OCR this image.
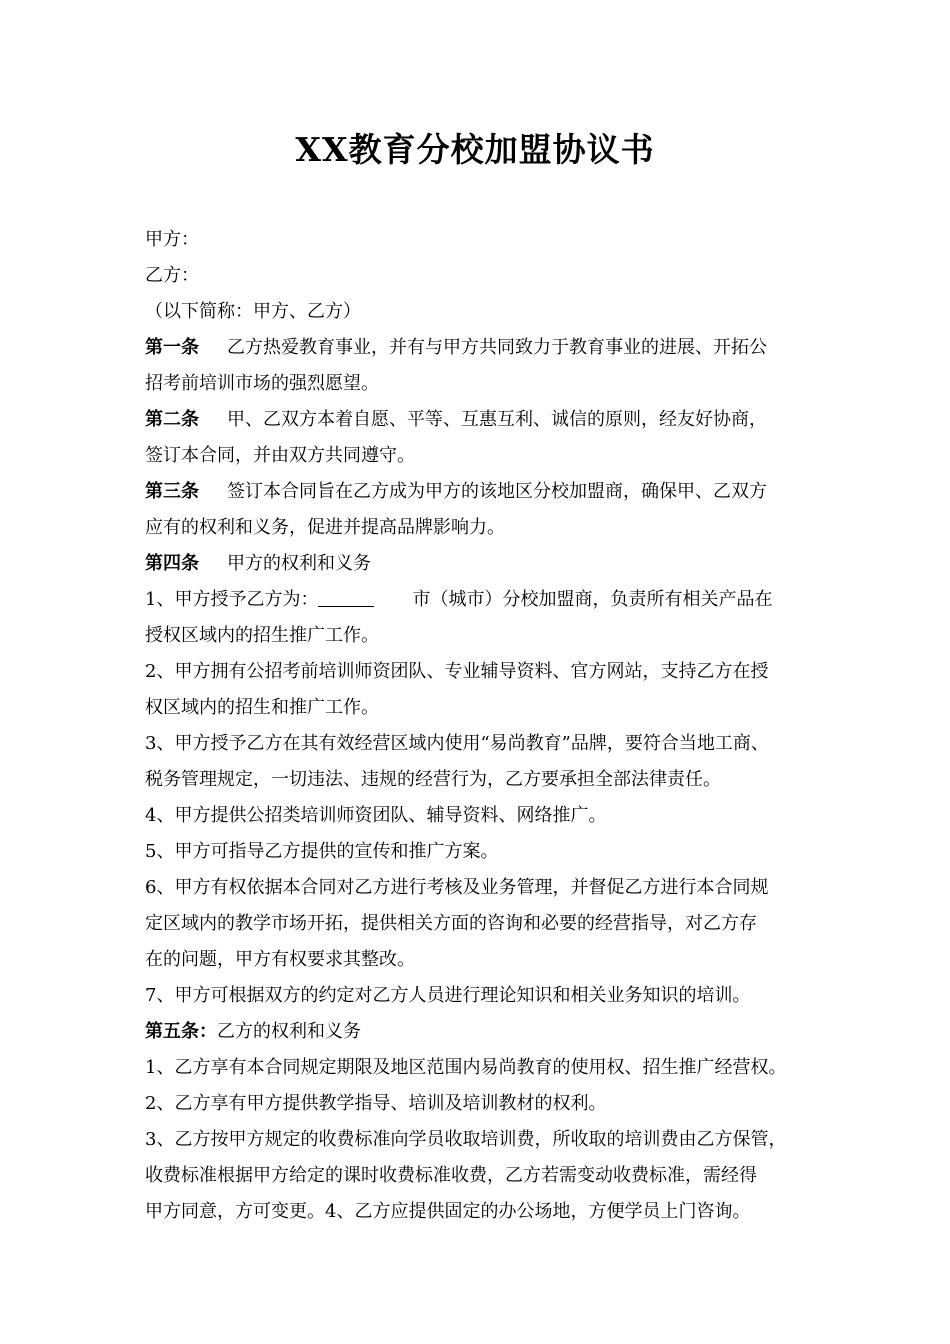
XX教育分校加盟协议书
甲方：
乙方：
（以下简称：甲方、乙方）
第一条 乙方热爱教育事业，并有与甲方共同致力于教育事业的进展、开拓公
招考前培训市场的强烈愿望。
第二条 甲、乙双方本着自愿、平等、互惠互利、诚信的原则，经友好协商，
签订本合同，并由双方共同遵守。
第三条 签订本合同旨在乙方成为甲方的该地区分校加盟商，确保甲、乙双方
应有的权利和义务，促进并提高品牌影响力。
第四条 甲方的权利和义务
1、甲方授予乙方为：	市（城市）分校加盟商，负责所有相关产品在
授权区域内的招生推广工作。
2、甲方拥有公招考前培训师资团队、专业辅导资料、官方网站，支持乙方在授
权区域内的招生和推广工作。
3、甲方授予乙方在其有效经营区域内使用“易尚教育”品牌，要符合当地工商、
税务管理规定，一切违法、违规的经营行为，乙方要承担全部法律责任。
4、甲方提供公招类培训师资团队、辅导资料、网络推广。
5、甲方可指导乙方提供的宣传和推广方案。
6、甲方有权依据本合同对乙方进行考核及业务管理，并督促乙方进行本合同规
定区域内的教学市场开拓，提供相关方面的咨询和必要的经营指导，对乙方存
在的问题，甲方有权要求其整改。
7、甲方可根据双方的约定对乙方人员进行理论知识和相关业务知识的培训。
第五条：乙方的权利和义务
1、乙方享有本合同规定期限及地区范围内易尚教育的使用权、招生推广经营权。
2、乙方享有甲方提供教学指导、培训及培训教材的权利。
3、乙方按甲方规定的收费标准向学员收取培训费，所收取的培训费由乙方保管，
收费标准根据甲方给定的课时收费标准收费，乙方若需变动收费标准，需经得
甲方同意，方可变更。4、乙方应提供固定的办公场地，方便学员上门咨询。
